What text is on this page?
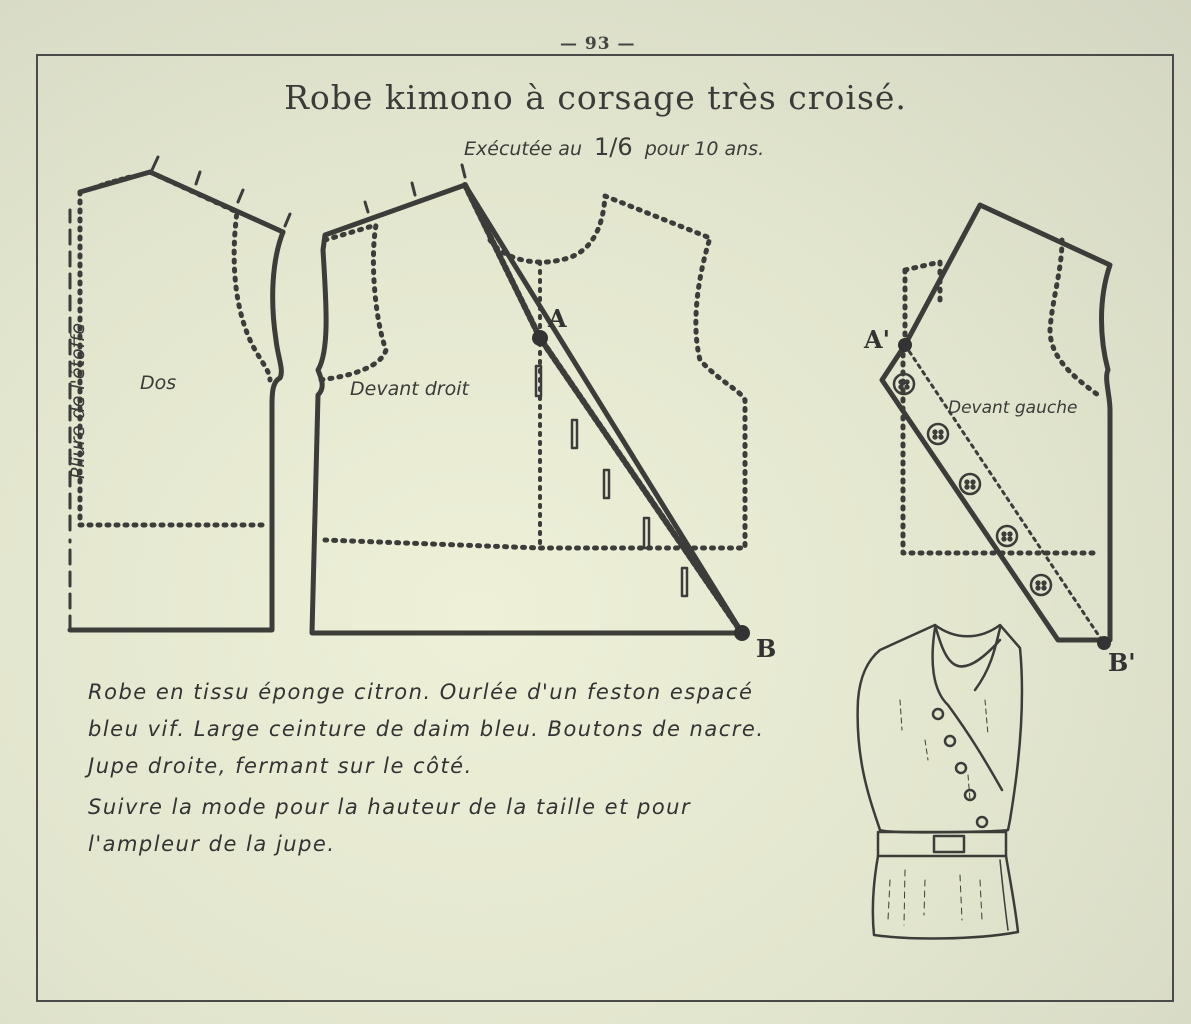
— 93 —
Robe kimono à corsage très croisé.
Exécutée au 1/6 pour 10 ans.
Pliure de l'étoffe	Dos	Devant droit
Devant gauche
A
B
A'
B'

Robe en tissu éponge citron. Ourlée d'un feston espacé bleu vif. Large ceinture de daim bleu. Boutons de nacre. Jupe droite, fermant sur le côté.

Suivre la mode pour la hauteur de la taille et pour l'ampleur de la jupe.
